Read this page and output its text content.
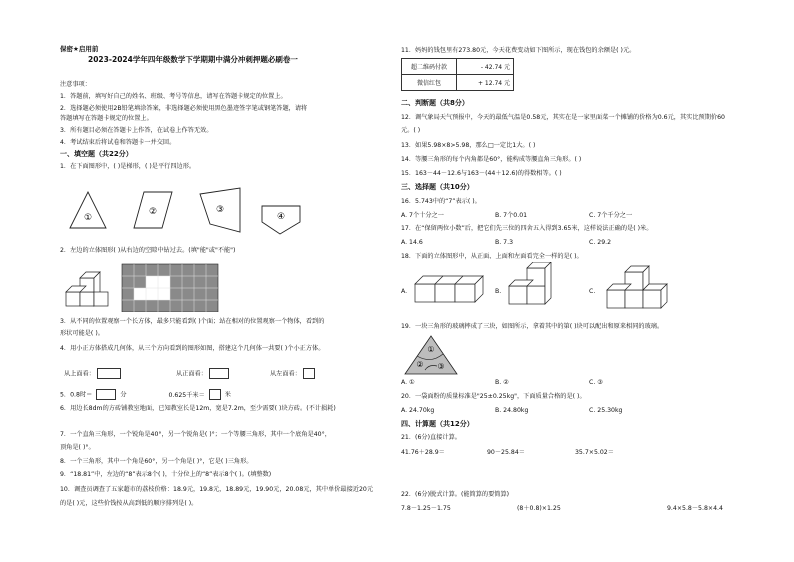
保密★启用前
2023-2024学年四年级数学下学期期中满分冲刺押题必刷卷一
注意事项：
1．答题前，填写好自己的姓名、班级、考号等信息，请写在答题卡规定的位置上。
2．选择题必须使用2B铅笔填涂答案，非选择题必须使用黑色墨迹签字笔或钢笔答题，请将
答题填写在答题卡规定的位置上。
3．所有题目必须在答题卡上作答，在试卷上作答无效。
4．考试结束后将试卷和答题卡一并交回。
一、填空题（共22分）
1．在下面图形中，( )是梯形，( )是平行四边形。
①
②	③
④
2．左边的立体图形( )从右边的空隙中钻过去。(填"能"或"不能")
3．从不同的位置观察一个长方体，最多只能看到( )个面；站在相对的位置观察一个物体，看到的
形状可能是( )。
4．用小正方体搭成几何体，从三个方向看到的图形如图，搭建这个几何体一共要( )个小正方体。
从上面看：	从正面看：	从左面看：
5．0.8时＝	分	0.625千米＝	米
6．用边长8dm的方砖铺教室地面，已知教室长是12m，宽是7.2m，至少需要( )块方砖。(不计损耗)
7．一个直角三角形，一个锐角是40°，另一个锐角是( )°；一个等腰三角形，其中一个底角是40°，
顶角是( )°。
8．一个三角形，其中一个角是60°，另一个角是( )°，它是( )三角形。
9．“18.81”中，左边的“8”表示8个( )，十分位上的“8”表示8个( )。(填整数)
10．调查员调查了五家超市的荔枝价格：18.9元，19.8元，18.89元，19.90元，20.08元，其中单价最接近20元
的是( )元，这些价钱按从高到低的顺序排列是( )。
11．妈妈的钱包里有273.80元，今天花费变动如下图所示，现在钱包的余额是( )元。
超二维码付款	- 42.74 元
微信红包	+ 12.74 元
二、判断题（共8分）
12．调气象局天气预报中，今天的最低气温是0.58元，其实在是一家里面菜一个摊铺的价格为0.6元，其实比预期价60
元。( )
13．如果5.98×8>5.98，那么□一定比1大。( )
14．等腰三角形的每个内角都是60°，能构成等腰直角三角形。( )
15．163－44－12.6与163－(44＋12.6)的得数相等。( )
三、选择题（共10分）
16．5.743中的“7”表示( )。
A. 7个十分之一	B. 7个0.01	C. 7个千分之一
17．在“保留两位小数”后，把它们先三位的四舍五入得到3.65米，这样说法正确的是( )米。
A. 14.6	B. 7.3	C. 29.2
18．下面的立体图形中，从正面、上面和左面看完全一样的是( )。
A.	B.	C.
19．一块三角形的玻璃摔成了三块，如图所示，拿着其中的第( )块可以配出和原来相同的玻璃。
①
② ③
A. ①	B. ②	C. ③
20．一袋面粉的质量标准是"25±0.25kg"，下面质量合格的是( )。
A. 24.70kg	B. 24.80kg	C. 25.30kg
四、计算题（共12分）
21．(6分)直接计算。
41.76＋28.9＝	90－25.84＝	35.7×5.02＝
22．(6分)脱式计算。(能简算的要简算)
7.8－1.25－1.75	(8＋0.8)×1.25	9.4×5.8－5.8×4.4
